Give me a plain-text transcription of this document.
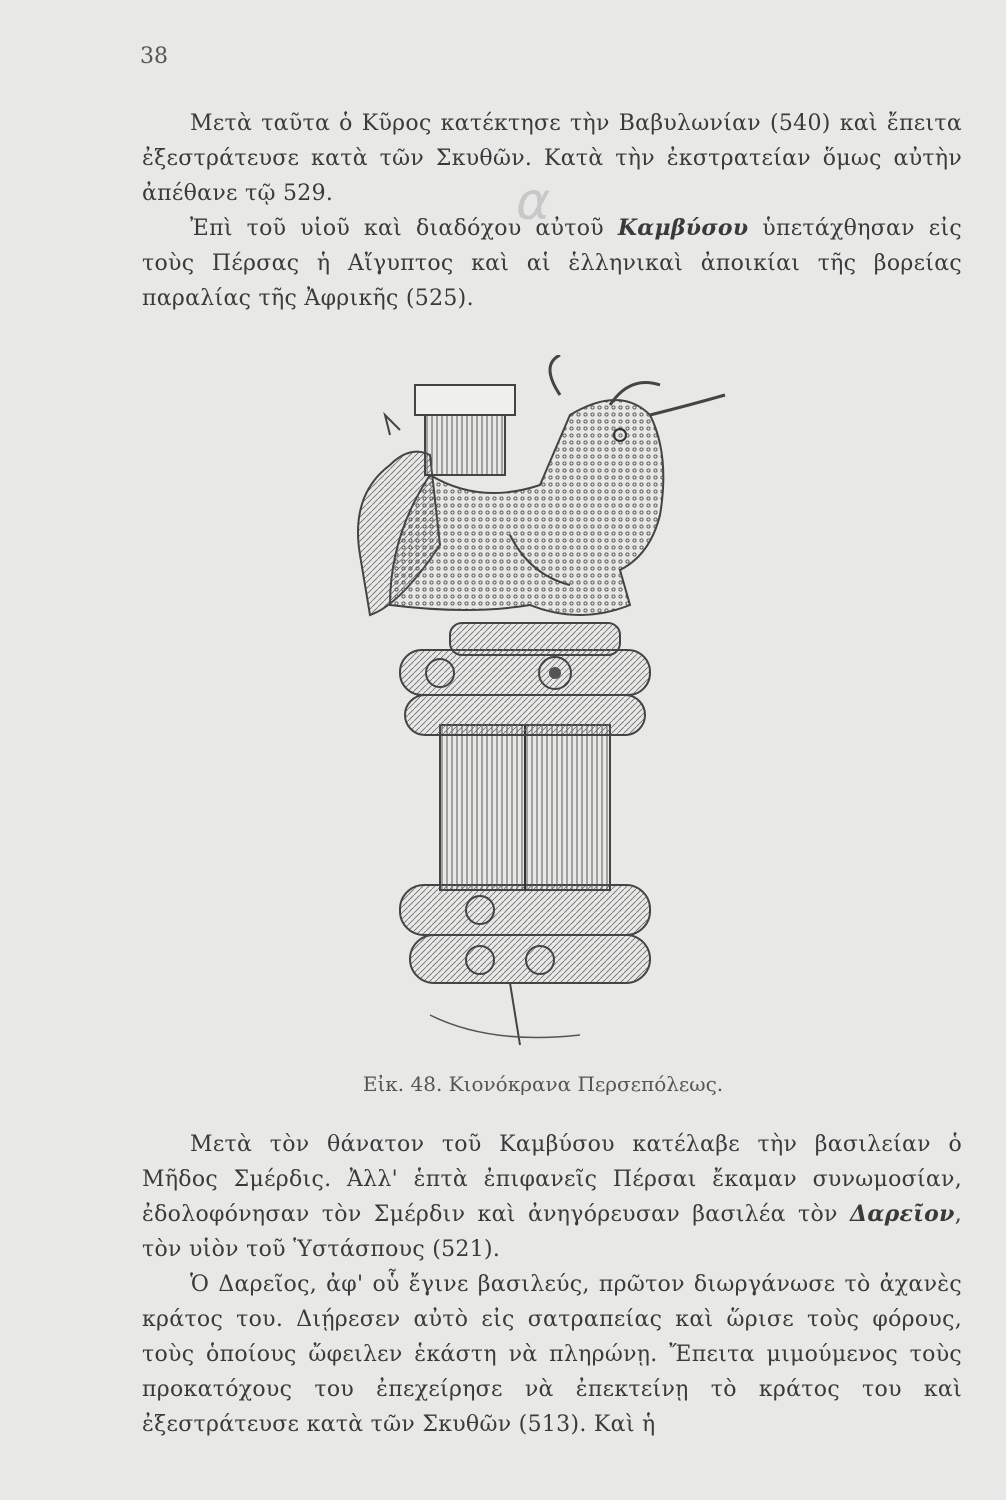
38
α

Μετὰ ταῦτα ὁ Κῦρος κατέκτησε τὴν Βαβυλωνίαν (540) καὶ ἔπειτα ἐξεστράτευσε κατὰ τῶν Σκυθῶν. Κατὰ τὴν ἐκστρατείαν ὅμως αὐτὴν ἀπέθανε τῷ 529.

Ἐπὶ τοῦ υἱοῦ καὶ διαδόχου αὐτοῦ Καμβύσου ὑπετάχθησαν εἰς τοὺς Πέρσας ἡ Αἴγυπτος καὶ αἱ ἑλληνικαὶ ἀποικίαι τῆς βορείας παραλίας τῆς Ἀφρικῆς (525).

Εἰκ. 48. Κιονόκρανα Περσεπόλεως.

Μετὰ τὸν θάνατον τοῦ Καμβύσου κατέλαβε τὴν βασιλείαν ὁ Μῆδος Σμέρδις. Ἀλλ' ἑπτὰ ἐπιφανεῖς Πέρσαι ἔκαμαν συνωμοσίαν, ἐδολοφόνησαν τὸν Σμέρδιν καὶ ἀνηγόρευσαν βασιλέα τὸν Δαρεῖον, τὸν υἱὸν τοῦ Ὑστάσπους (521).

Ὁ Δαρεῖος, ἀφ' οὗ ἔγινε βασιλεύς, πρῶτον διωργάνωσε τὸ ἀχανὲς κράτος του. Διῄρεσεν αὐτὸ εἰς σατραπείας καὶ ὥρισε τοὺς φόρους, τοὺς ὁποίους ὤφειλεν ἑκάστη νὰ πληρώνῃ. Ἔπειτα μιμούμενος τοὺς προκατόχους του ἐπεχείρησε νὰ ἐπεκτείνῃ τὸ κράτος του καὶ ἐξεστράτευσε κατὰ τῶν Σκυθῶν (513). Καὶ ἡ
